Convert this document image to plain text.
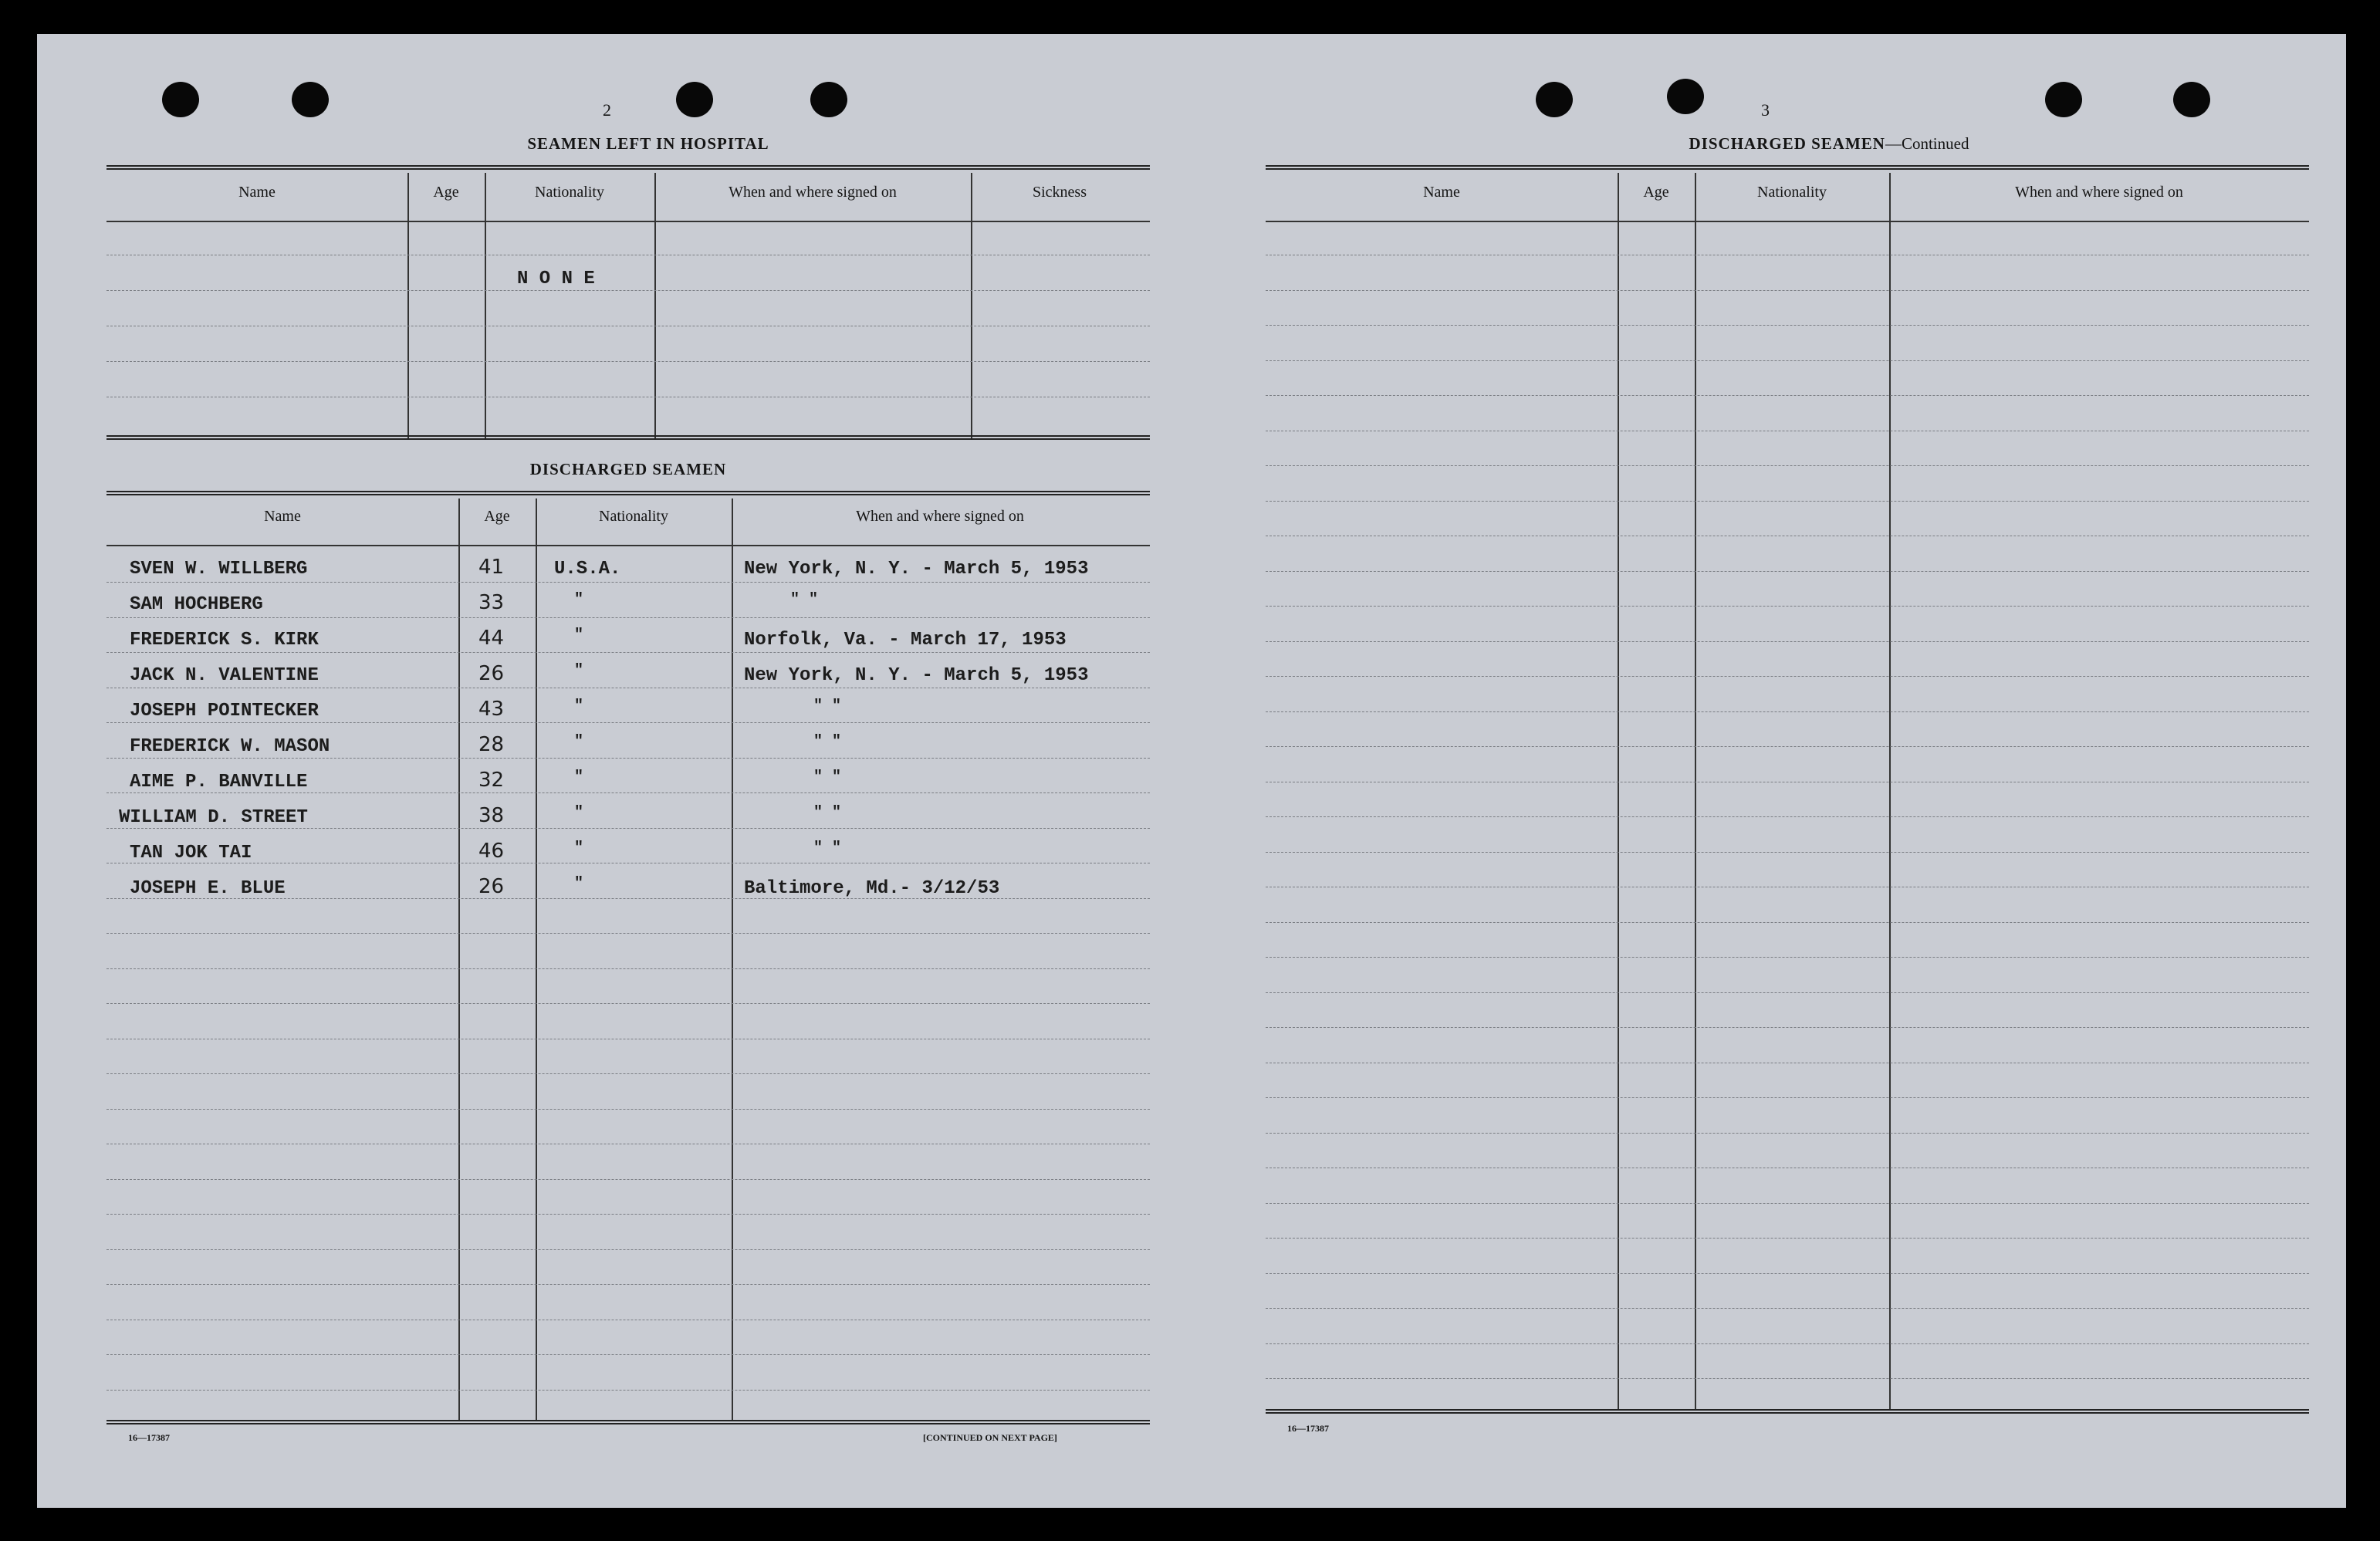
2
SEAMEN LEFT IN HOSPITAL
Name	Age	Nationality	When and where signed on	Sickness
N O N E
DISCHARGED SEAMEN
Name	Age	Nationality	When and where signed on
SVEN W. WILLBERG	41	U.S.A.	New York, N. Y. - March 5, 1953
SAM HOCHBERG	33	"	" "
FREDERICK S. KIRK	44	"	Norfolk, Va. - March 17, 1953
JACK N. VALENTINE	26	"	New York, N. Y. - March 5, 1953
JOSEPH POINTECKER	43	"	" "
FREDERICK W. MASON	28	"	" "
AIME P. BANVILLE	32	"	" "
WILLIAM D. STREET	38	"	" "
TAN JOK TAI	46	"	" "
JOSEPH E. BLUE	26	"	Baltimore, Md.- 3/12/53
16—17387	[CONTINUED ON NEXT PAGE]
3
DISCHARGED SEAMEN—Continued
Name	Age	Nationality	When and where signed on
16—17387
